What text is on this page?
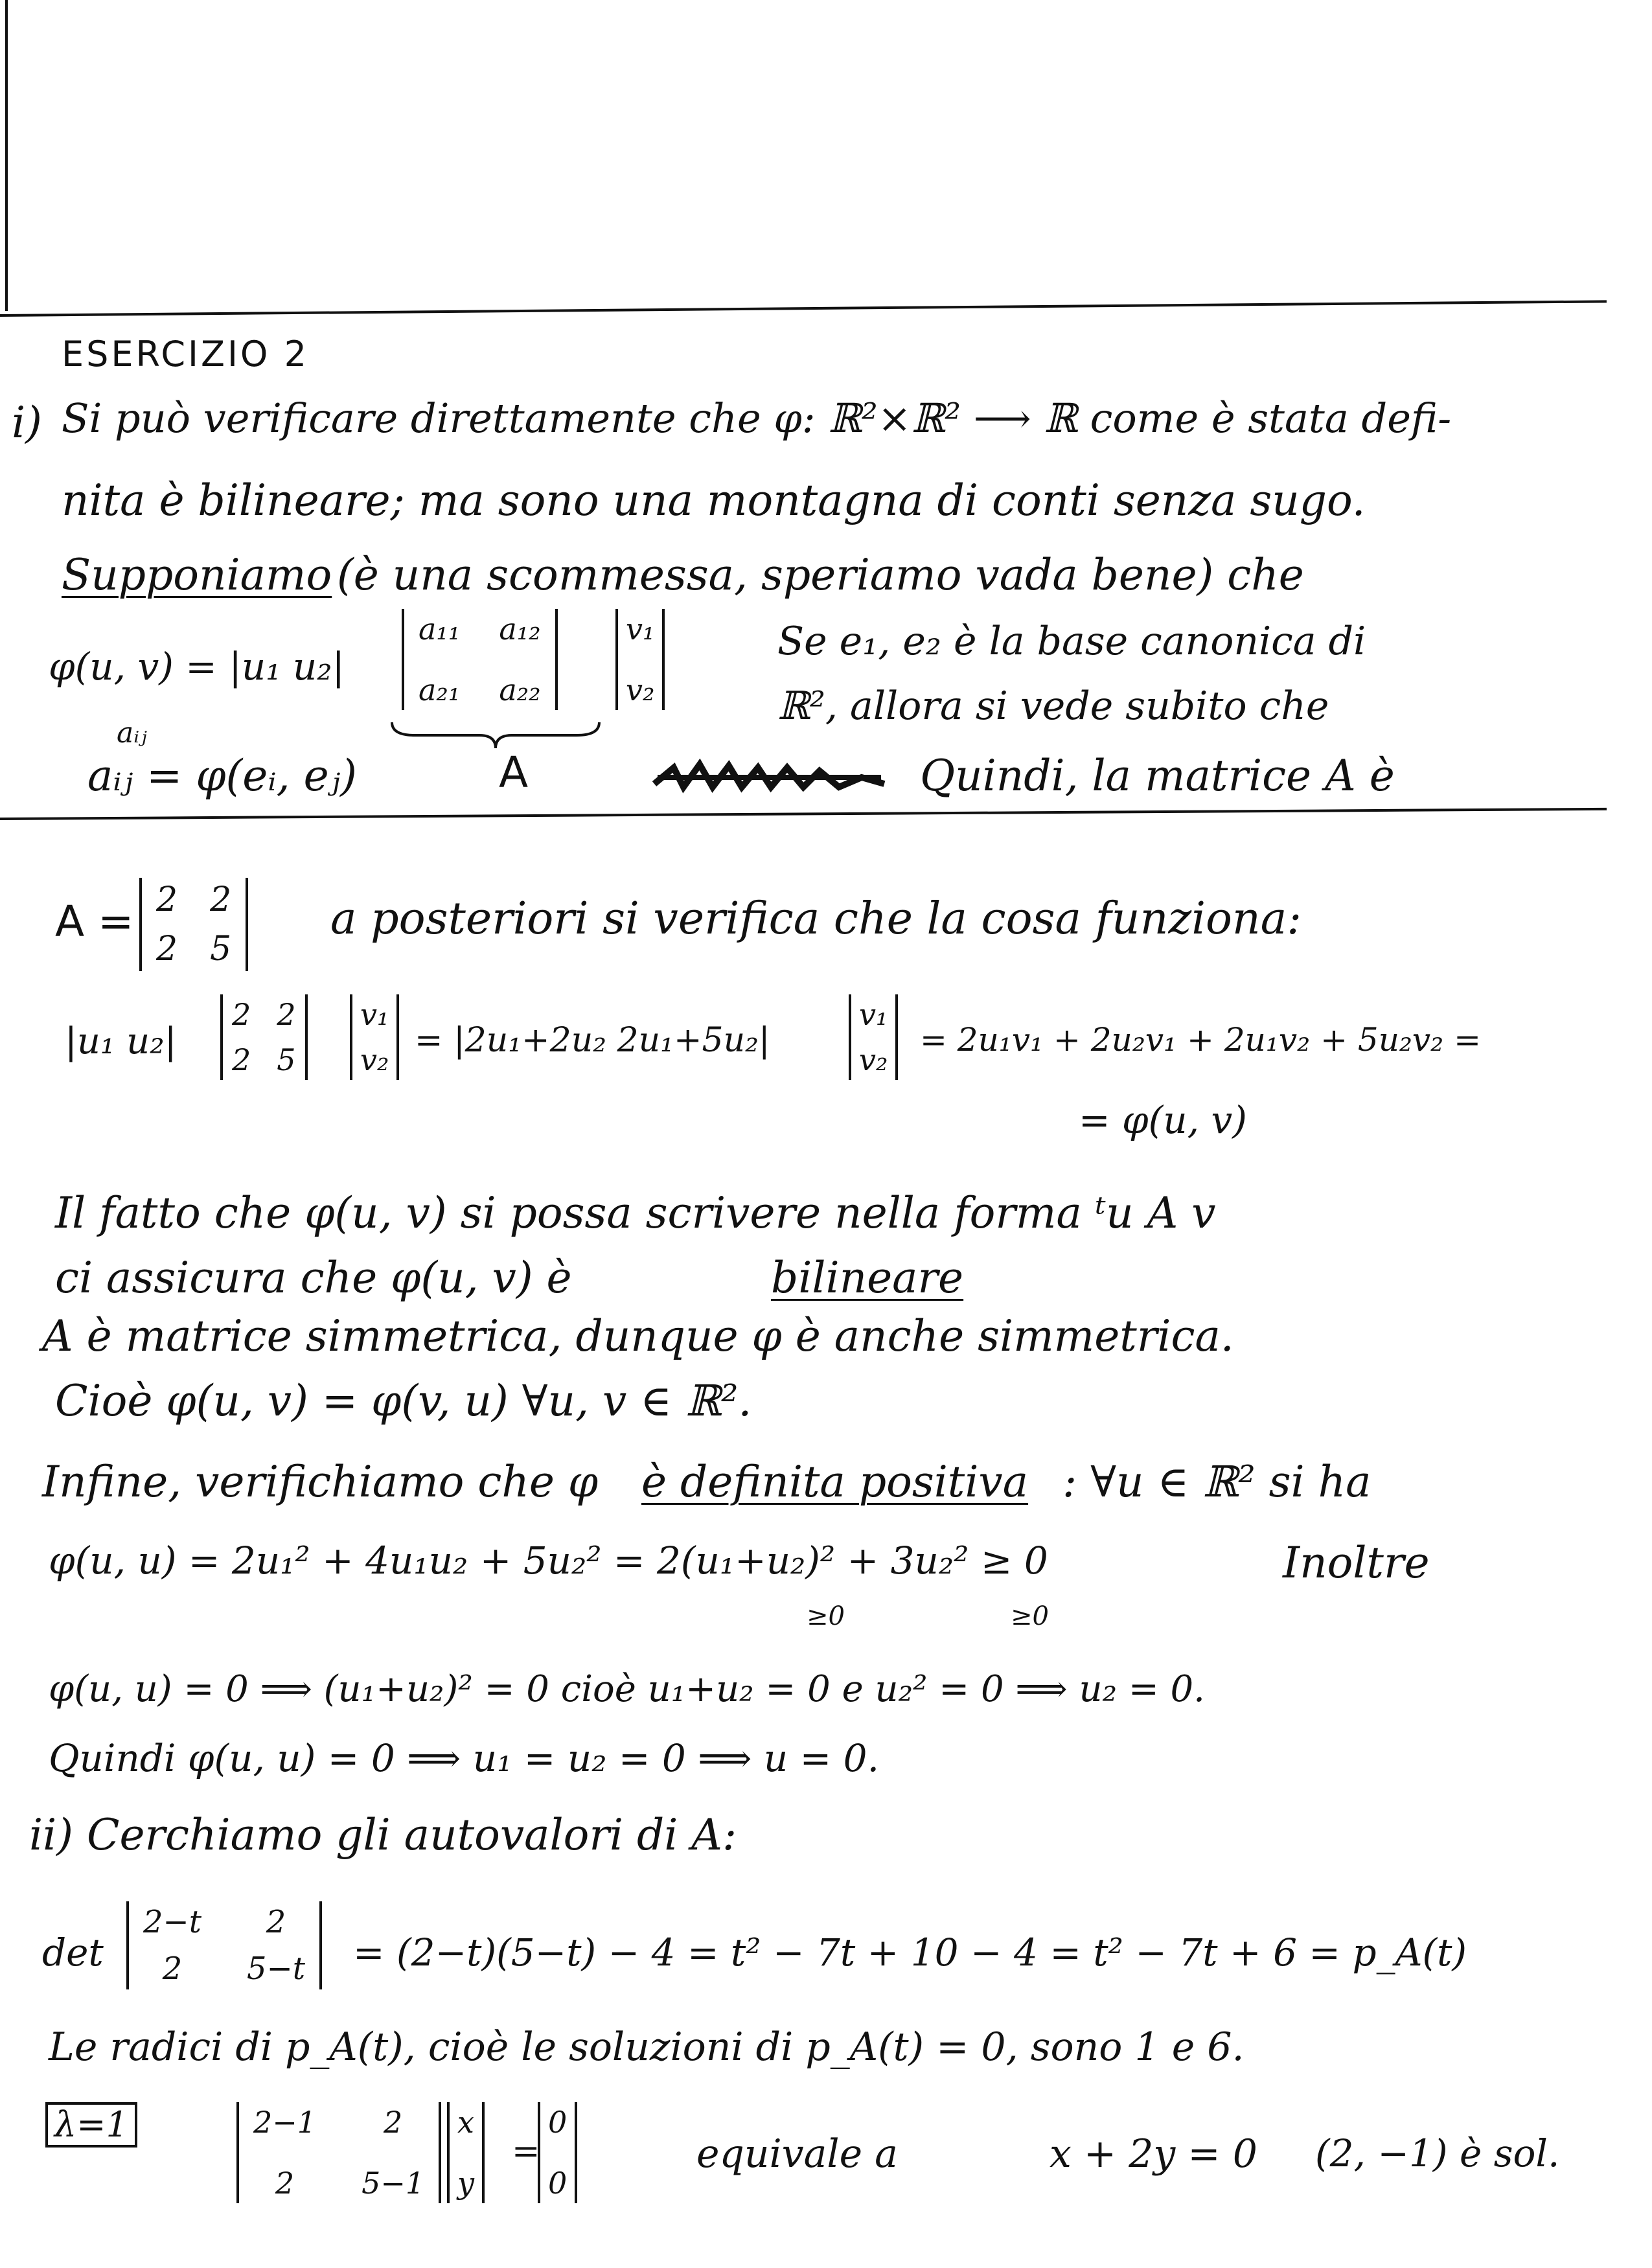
ESERCIZIO 2
i) Si può verificare direttamente che φ: ℝ²×ℝ² ⟶ ℝ come è stata defi-
nita è bilineare; ma sono una montagna di conti senza sugo.
Supponiamo (è una scommessa, speriamo vada bene) che
φ(u, v) = |u₁ u₂|
a₁₁ a₁₂
a₂₁ a₂₂
v₁
v₂
A
Se e₁, e₂ è la base canonica di
ℝ², allora si vede subito che
aᵢⱼ
aᵢⱼ = φ(eᵢ, eⱼ)	Quindi, la matrice A è
A = 2 2
2 5
a posteriori si verifica che la cosa funziona:
|u₁ u₂|
2 2
2 5
v₁
v₂ = |2u₁+2u₂ 2u₁+5u₂|
v₁
v₂
= 2u₁v₁ + 2u₂v₁ + 2u₁v₂ + 5u₂v₂ =
= φ(u, v)
Il fatto che φ(u, v) si possa scrivere nella forma ᵗu A v
ci assicura che φ(u, v) è	bilineare
A è matrice simmetrica, dunque φ è anche simmetrica.
Cioè φ(u, v) = φ(v, u) ∀u, v ∈ ℝ².
Infine, verifichiamo che φ è definita positiva : ∀u ∈ ℝ² si ha
φ(u, u) = 2u₁² + 4u₁u₂ + 5u₂² = 2(u₁+u₂)² + 3u₂² ≥ 0	Inoltre
≥0	≥0
φ(u, u) = 0 ⟹ (u₁+u₂)² = 0 cioè u₁+u₂ = 0 e u₂² = 0 ⟹ u₂ = 0.
Quindi φ(u, u) = 0 ⟹ u₁ = u₂ = 0 ⟹ u = 0.
ii) Cerchiamo gli autovalori di A:
det
2−t	2
2	5−t = (2−t)(5−t) − 4 = t² − 7t + 10 − 4 = t² − 7t + 6 = p_A(t)
Le radici di p_A(t), cioè le soluzioni di p_A(t) = 0, sono 1 e 6.
λ=1	2−1	2
2	5−1
x
y
=
0
0
equivale a	x + 2y = 0 (2, −1) è sol.
